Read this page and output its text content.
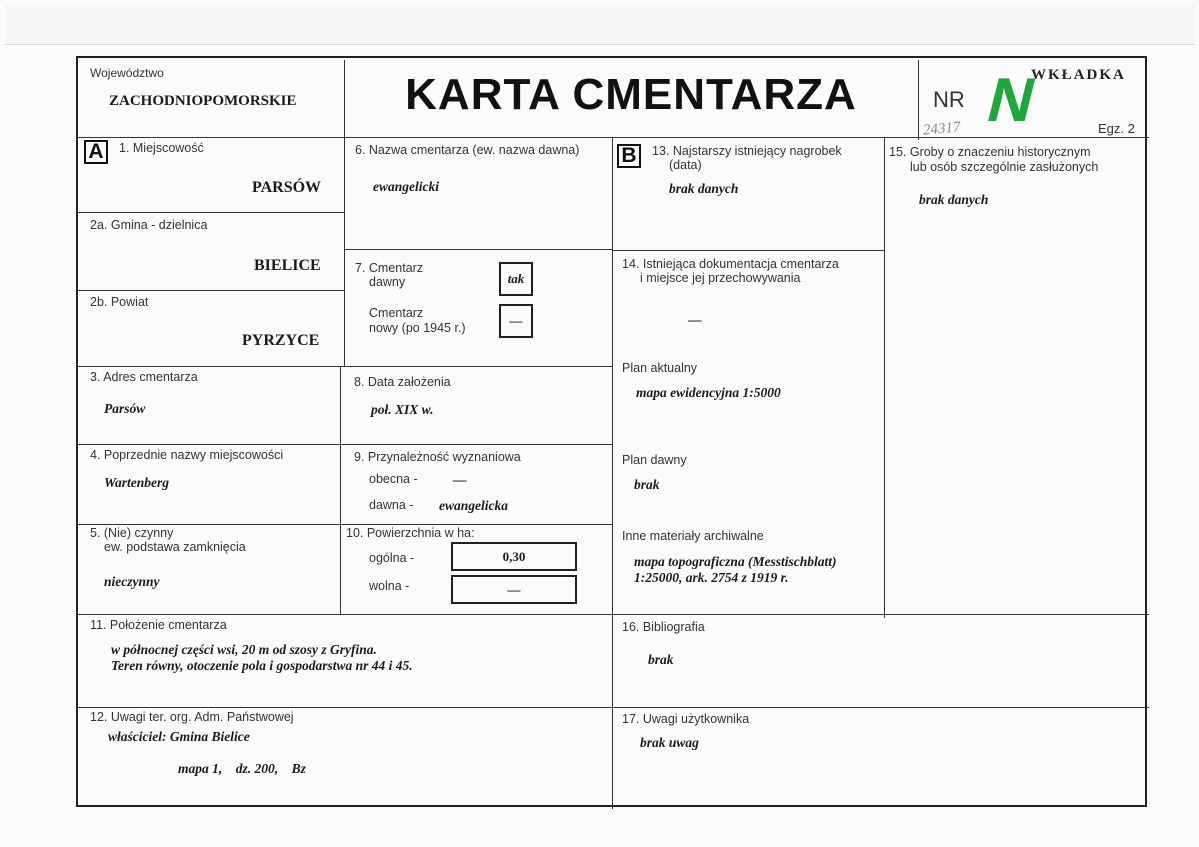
Województwo
ZACHODNIOPOMORSKIE	KARTA CMENTARZA	NR
24317 N
WKŁADKA
Egz. 2
A	1. Miejscowość
PARSÓW
2a. Gmina - dzielnica
BIELICE
2b. Powiat
PYRZYCE
3. Adres cmentarza
Parsów
4. Poprzednie nazwy miejscowości
Wartenberg
5. (Nie) czynny
ew. podstawa zamknięcia
nieczynny
6. Nazwa cmentarza (ew. nazwa dawna)
ewangelicki
7. Cmentarz
dawny	tak
Cmentarz
nowy (po 1945 r.)	—
8. Data założenia
poł. XIX w.
9. Przynależność wyznaniowa
obecna -	—
dawna - ewangelicka
10. Powierzchnia w ha:
ogólna -	0,30
wolna -	—
11. Położenie cmentarza
w północnej części wsi, 20 m od szosy z Gryfina.
Teren równy, otoczenie pola i gospodarstwa nr 44 i 45.
12. Uwagi ter. org. Adm. Państwowej
właściciel: Gmina Bielice
mapa 1,    dz. 200,    Bz
B	13. Najstarszy istniejący nagrobek
(data)
brak danych
14. Istniejąca dokumentacja cmentarza
i miejsce jej przechowywania
—
Plan aktualny
mapa ewidencyjna 1:5000
Plan dawny
brak
Inne materiały archiwalne
mapa topograficzna (Messtischblatt)
1:25000, ark. 2754 z 1919 r.
15. Groby o znaczeniu historycznym
lub osób szczególnie zasłużonych
brak danych
16. Bibliografia
brak
17. Uwagi użytkownika
brak uwag
